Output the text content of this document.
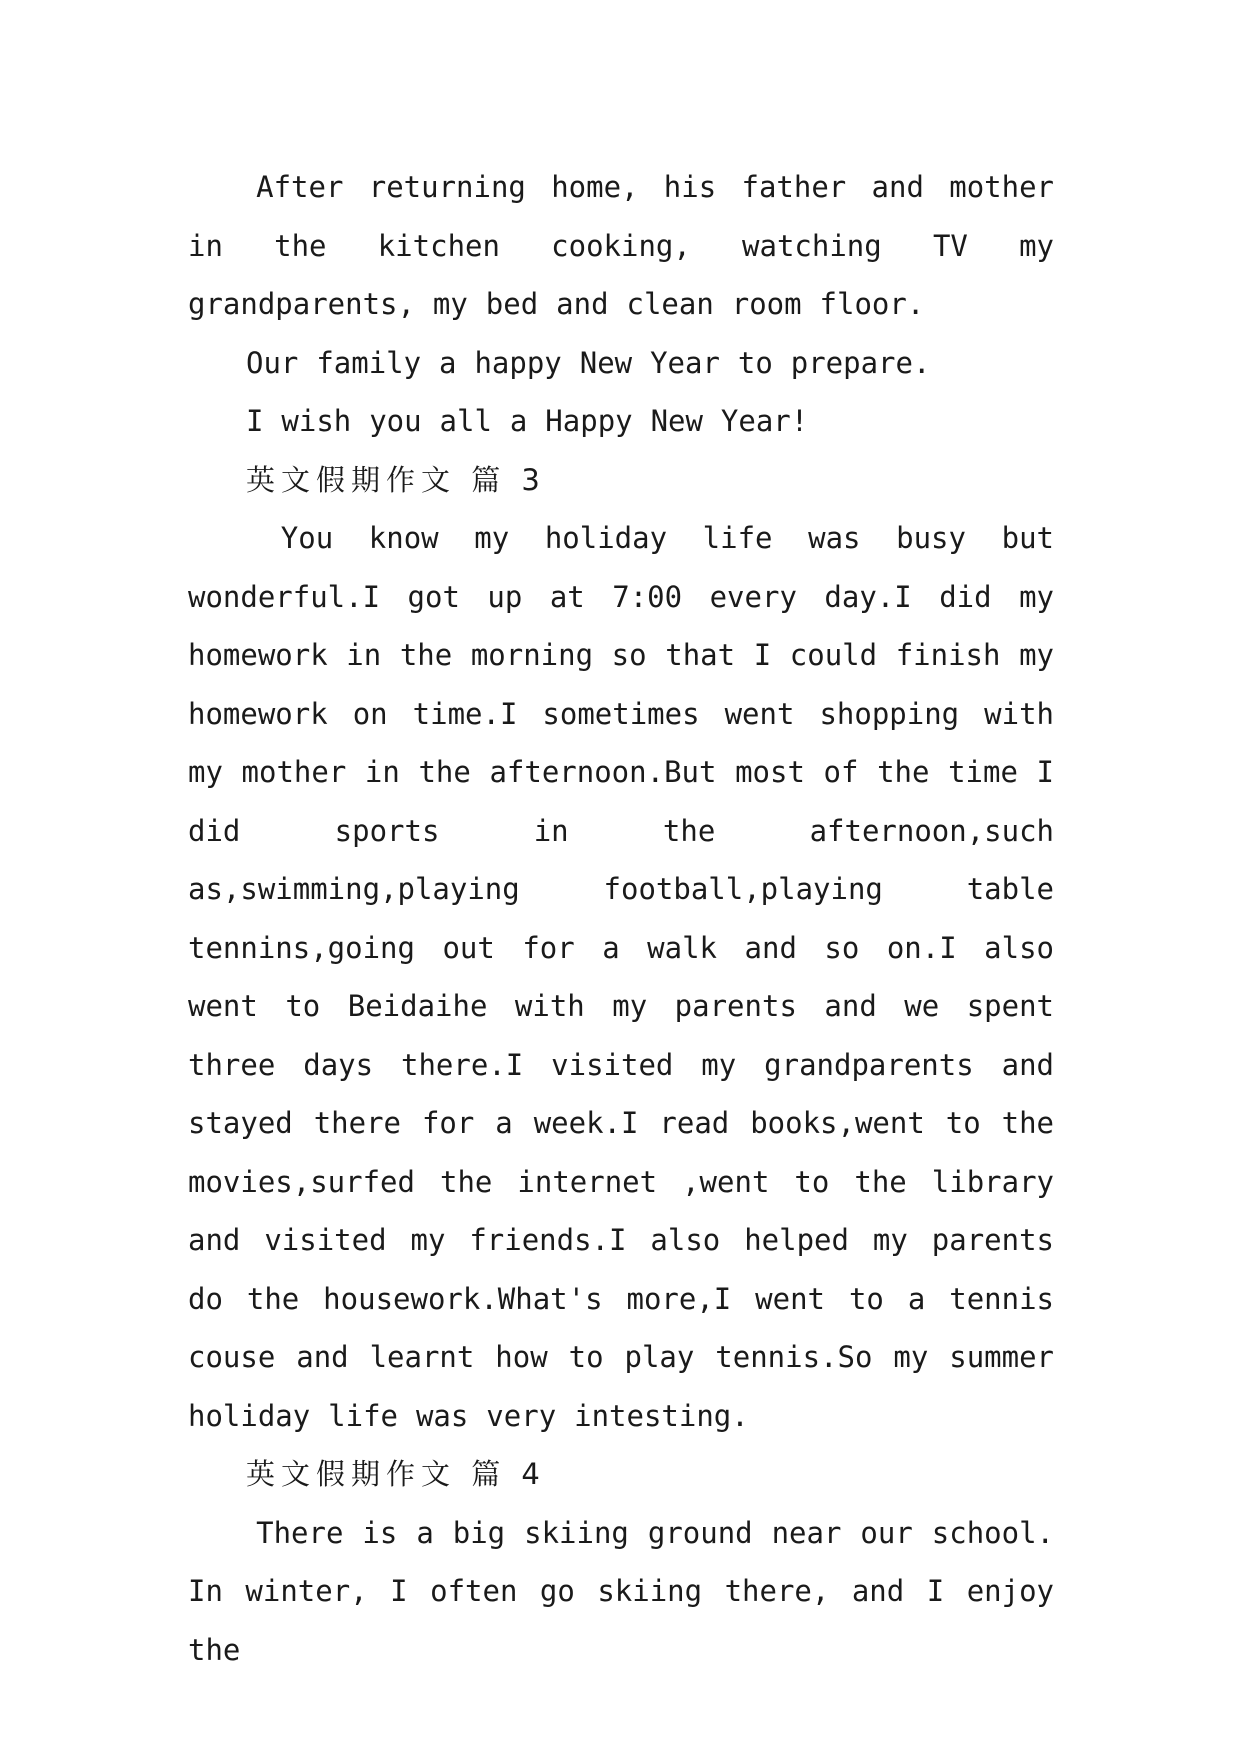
After returning home, his father and mother in the kitchen cooking, watching TV my grandparents, my bed and clean room floor.

Our family a happy New Year to prepare.

I wish you all a Happy New Year!

英文假期作文 篇 3

You know my holiday life was busy but wonderful.I got up at 7:00 every day.I did my homework in the morning so that I could finish my homework on time.I sometimes went shopping with my mother in the afternoon.But most of the time I did sports in the afternoon,such as,swimming,playing football,playing table tennins,going out for a walk and so on.I also went to Beidaihe with my parents and we spent three days there.I visited my grandparents and stayed there for a week.I read books,went to the movies,surfed the internet ,went to the library and visited my friends.I also helped my parents do the housework.What's more,I went to a tennis couse and learnt how to play tennis.So my summer holiday life was very intesting.

英文假期作文 篇 4

There is a big skiing ground near our school. In winter, I often go skiing there, and I enjoy the
